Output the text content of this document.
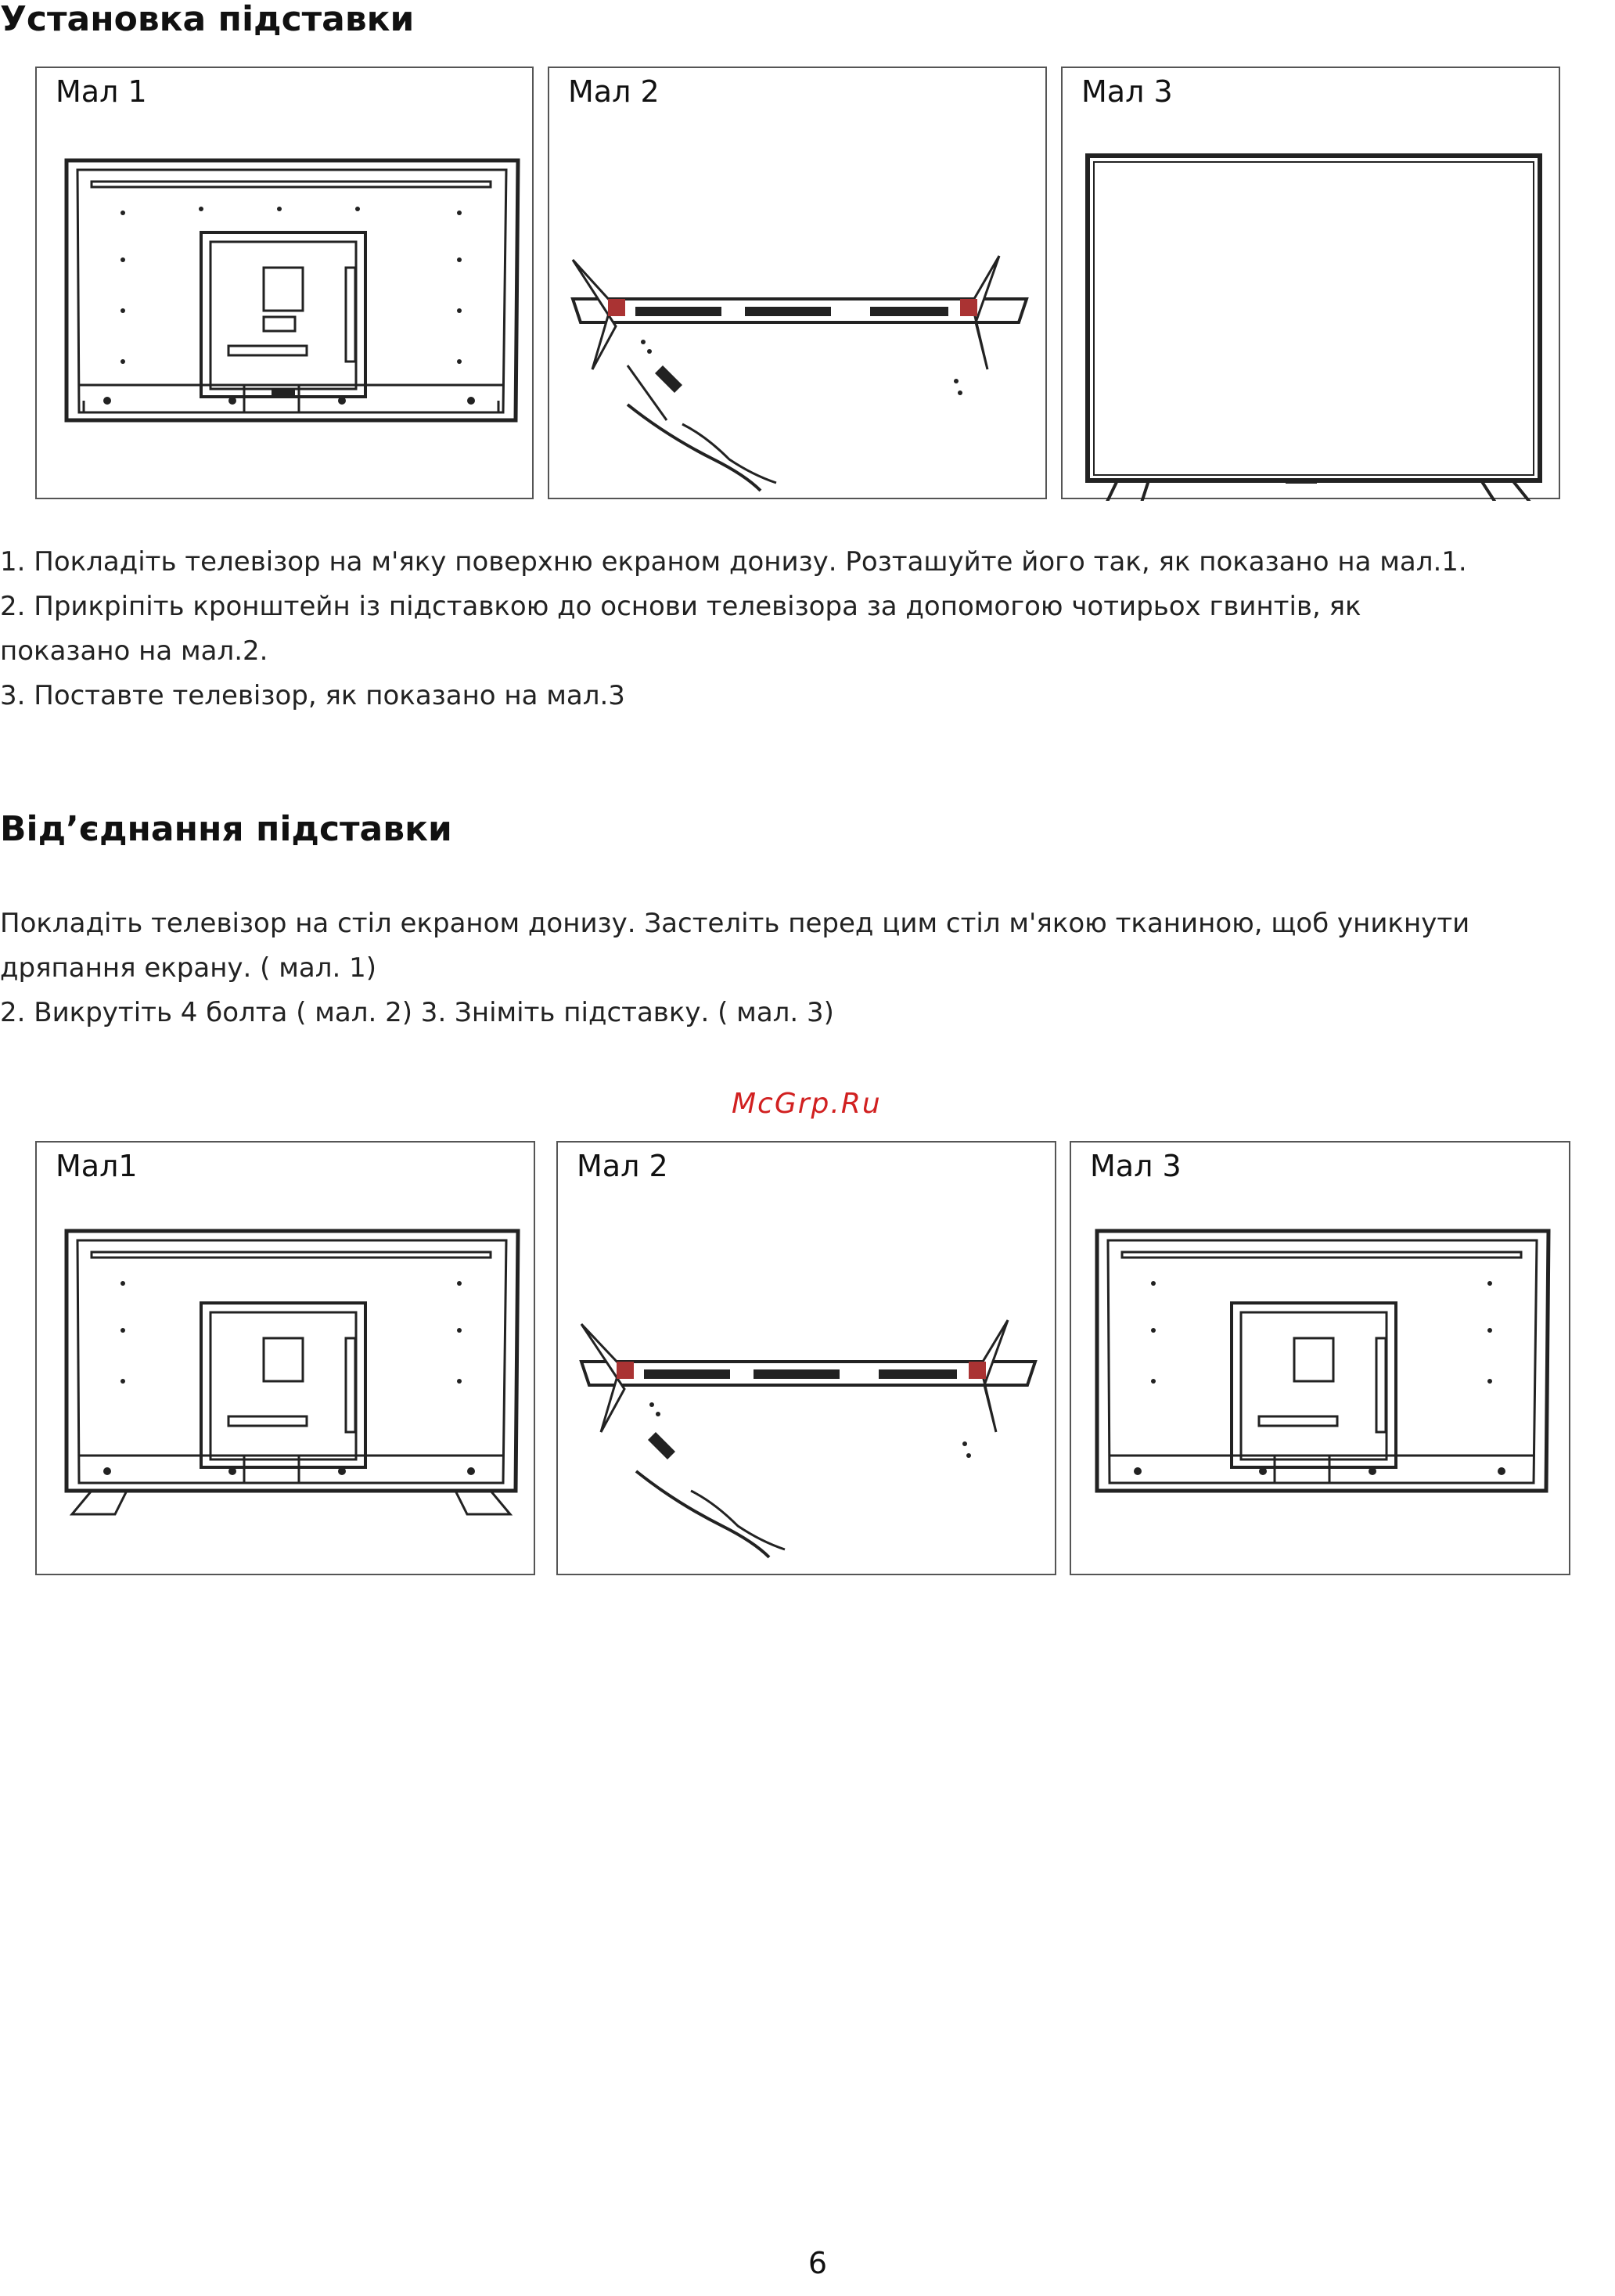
Установка підставки
Мал 1	Мал 2	Мал 3

1. Покладіть телевізор на м'яку поверхню екраном донизу. Розташуйте його так, як показано на мал.1.

2. Прикріпіть кронштейн із підставкою до основи телевізора за допомогою чотирьох гвинтів, як

показано на мал.2.

3. Поставте телевізор, як показано на мал.3

Від’єднання підставки

Покладіть телевізор на стіл екраном донизу. Застеліть перед цим стіл м'якою тканиною, щоб уникнути

дряпання екрану. ( мал. 1)

2. Викрутіть 4 болта ( мал. 2) 3. Зніміть підставку. ( мал. 3)

McGrp.Ru
Мал1	Мал 2	Мал 3
6
